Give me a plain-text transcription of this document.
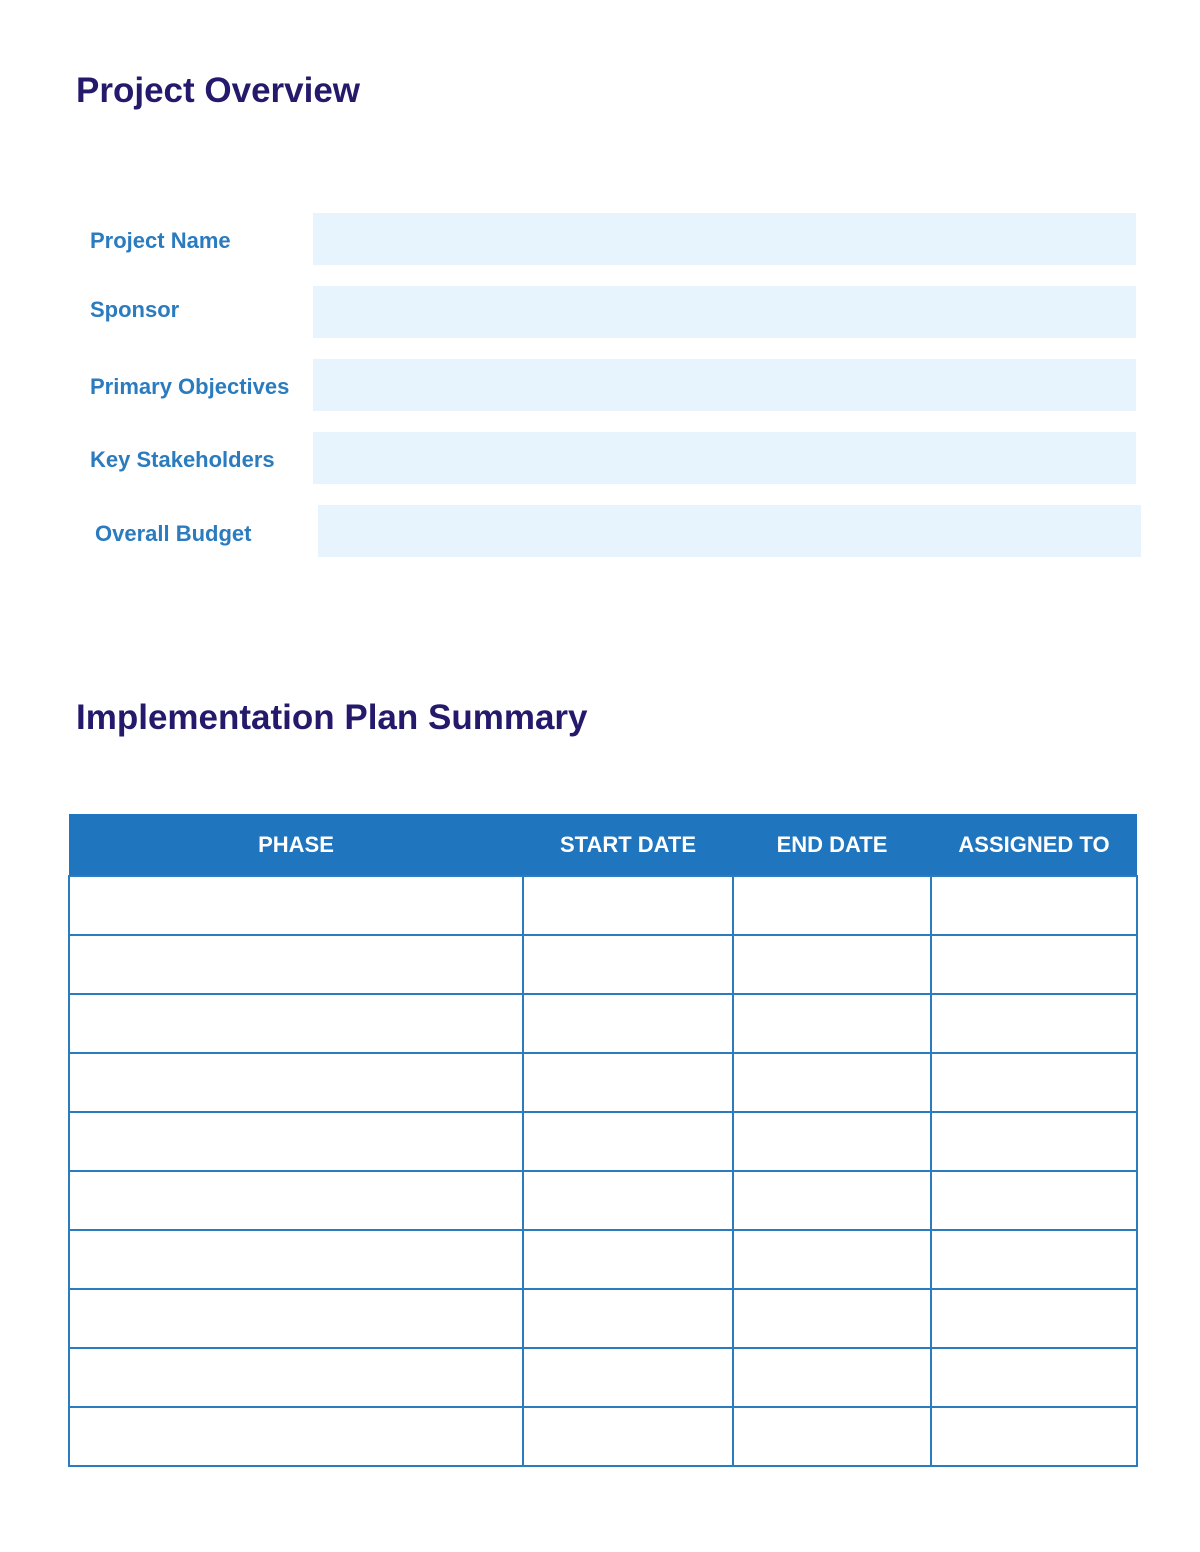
Project Overview
Project Name
Sponsor
Primary Objectives
Key Stakeholders
Overall Budget
Implementation Plan Summary
PHASE	START DATE	END DATE	ASSIGNED TO
